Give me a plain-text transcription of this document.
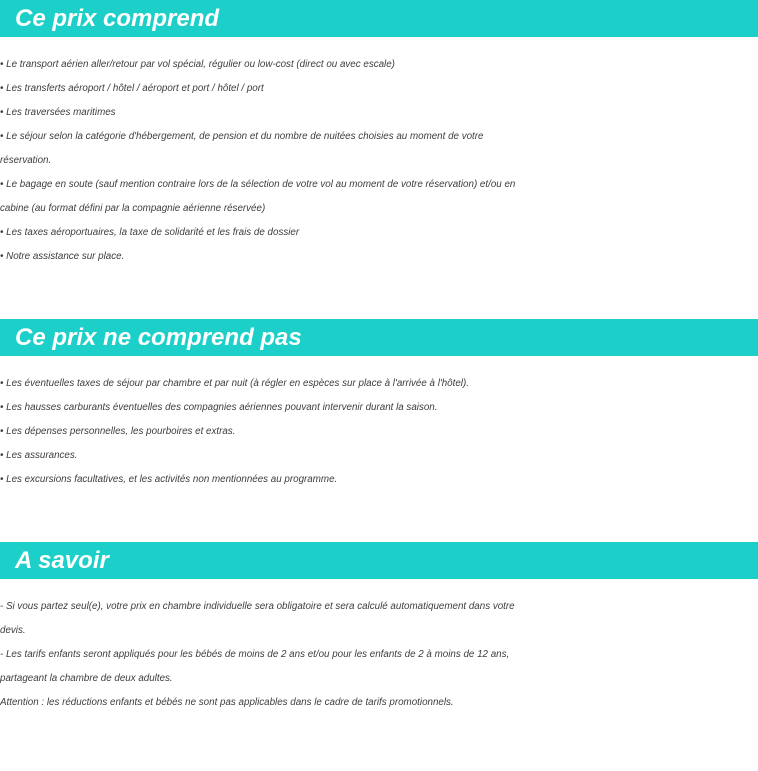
Ce prix comprend
• Le transport aérien aller/retour par vol spécial, régulier ou low-cost (direct ou avec escale)
• Les transferts aéroport / hôtel / aéroport et port / hôtel / port
• Les traversées maritimes
• Le séjour selon la catégorie d'hébergement, de pension et du nombre de nuitées choisies au moment de votre
réservation.
• Le bagage en soute (sauf mention contraire lors de la sélection de votre vol au moment de votre réservation) et/ou en
cabine (au format défini par la compagnie aérienne réservée)
• Les taxes aéroportuaires, la taxe de solidarité et les frais de dossier
• Notre assistance sur place.
Ce prix ne comprend pas
• Les éventuelles taxes de séjour par chambre et par nuit (à régler en espèces sur place à l'arrivée à l'hôtel).
• Les hausses carburants éventuelles des compagnies aériennes pouvant intervenir durant la saison.
• Les dépenses personnelles, les pourboires et extras.
• Les assurances.
• Les excursions facultatives, et les activités non mentionnées au programme.
A savoir
- Si vous partez seul(e), votre prix en chambre individuelle sera obligatoire et sera calculé automatiquement dans votre
devis.
- Les tarifs enfants seront appliqués pour les bébés de moins de 2 ans et/ou pour les enfants de 2 à moins de 12 ans,
partageant la chambre de deux adultes.
Attention : les réductions enfants et bébés ne sont pas applicables dans le cadre de tarifs promotionnels.
